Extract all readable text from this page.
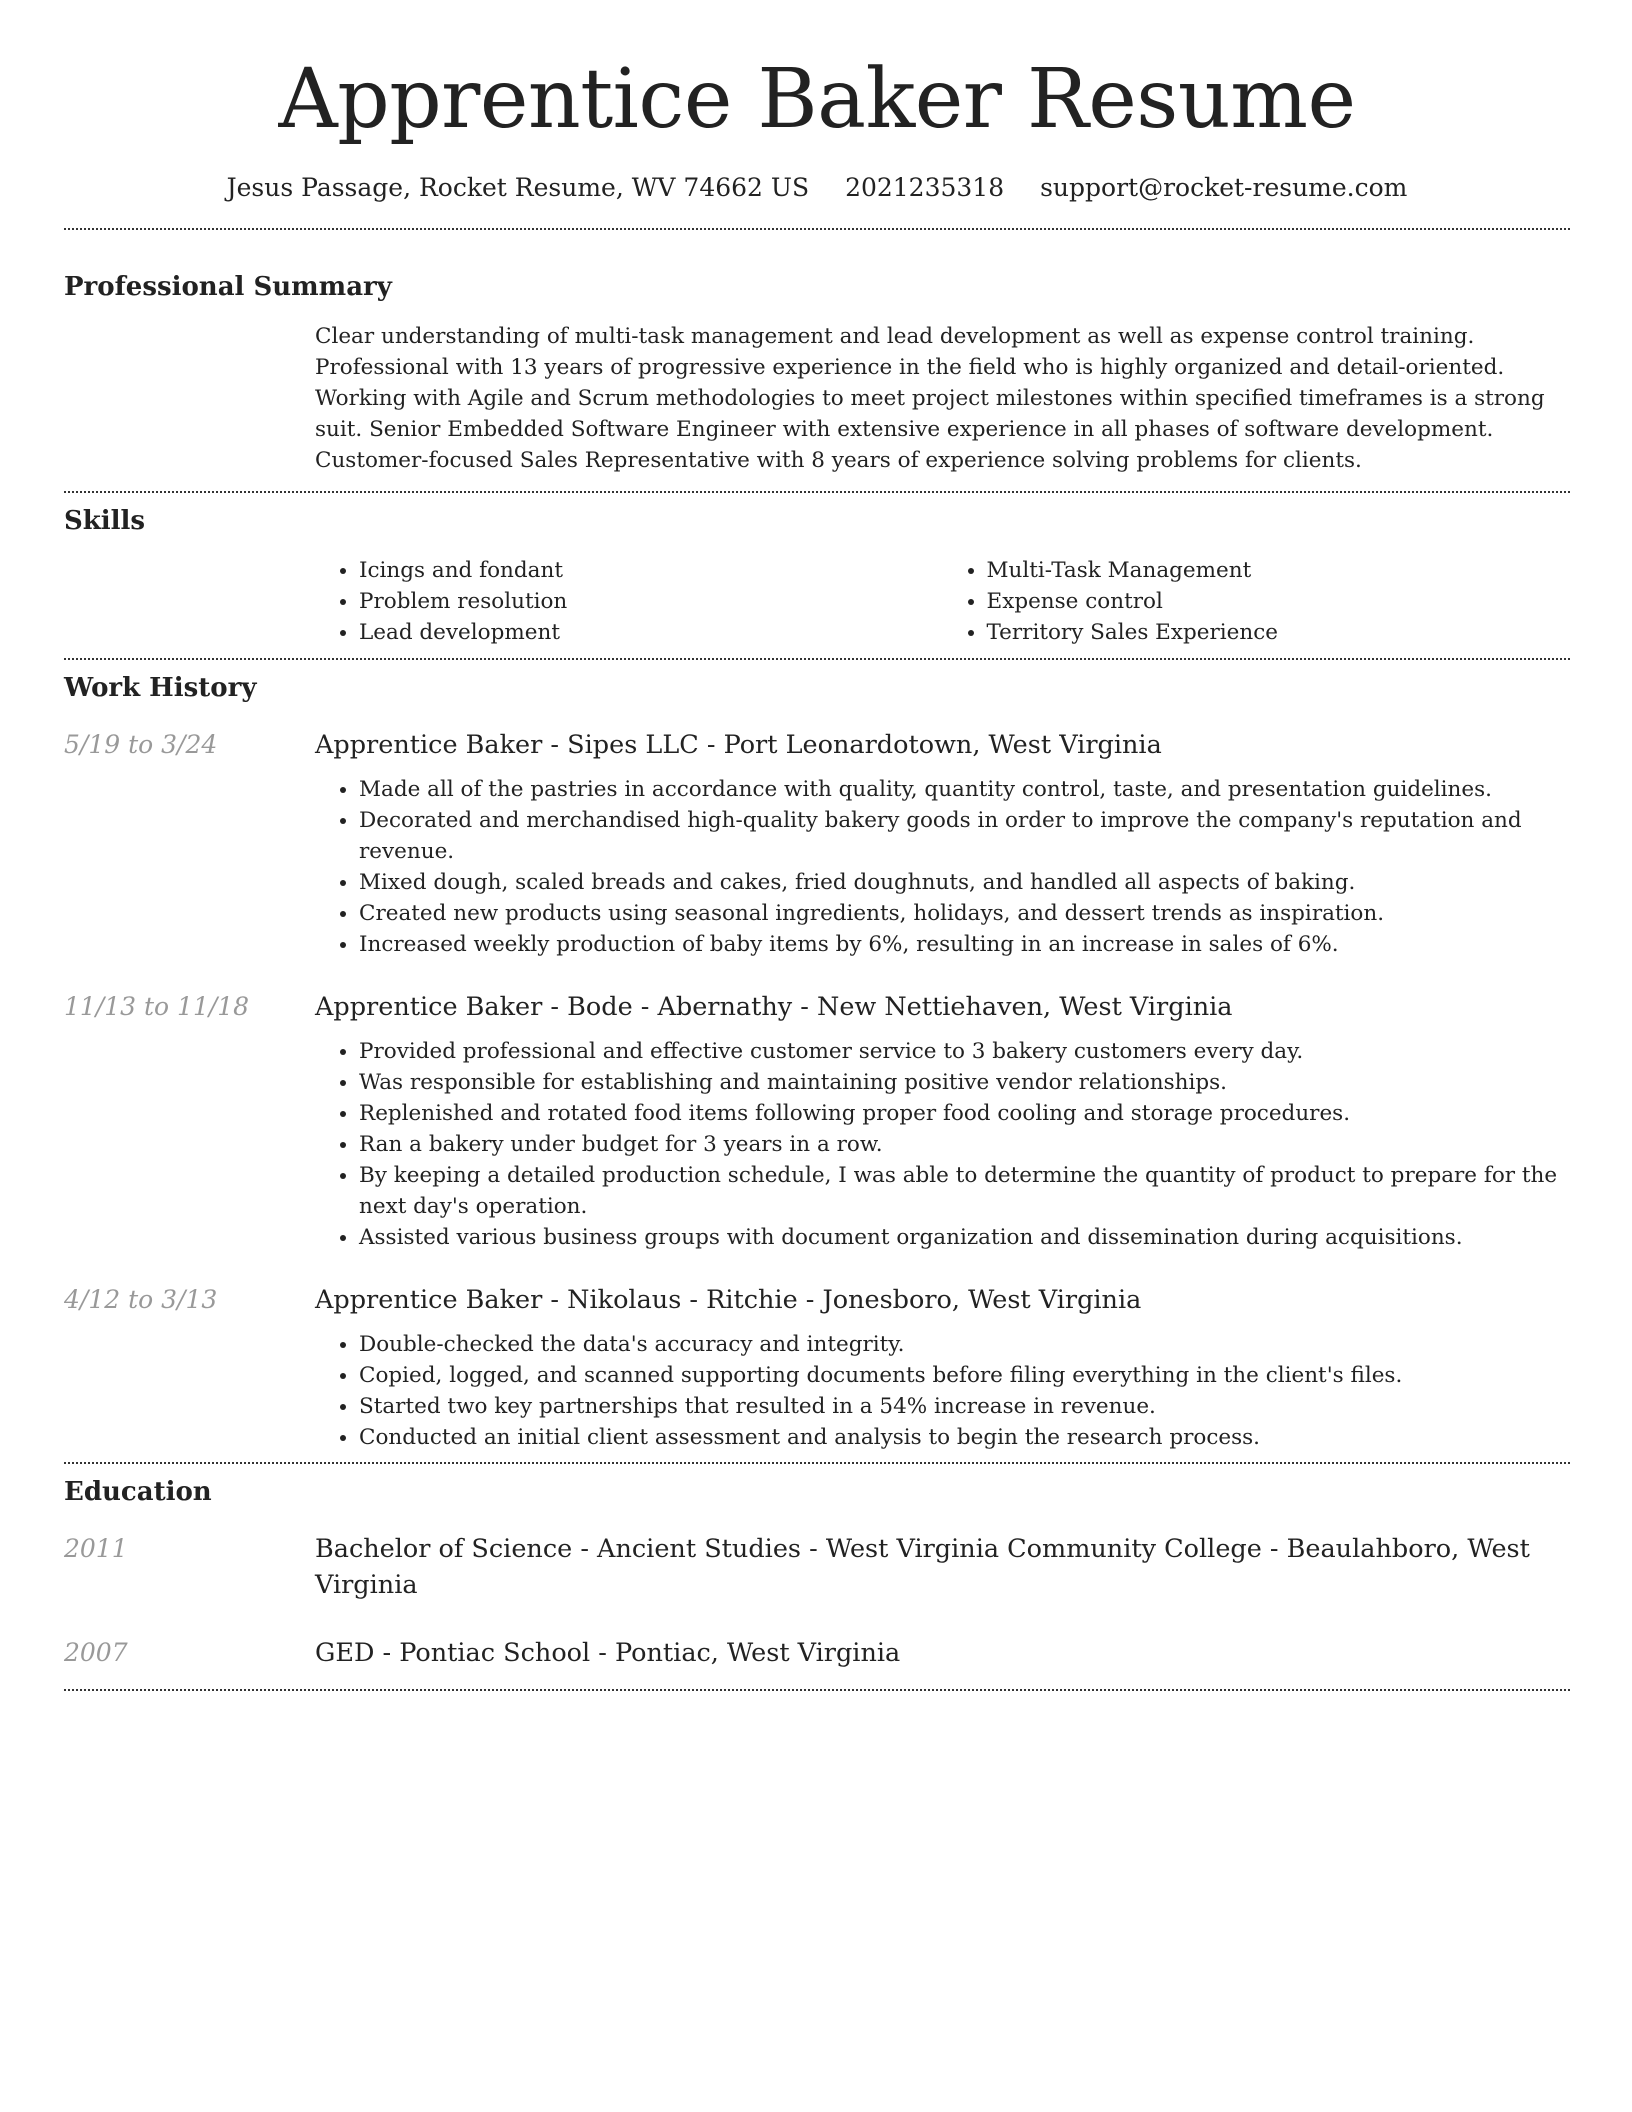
Apprentice Baker Resume
Jesus Passage, Rocket Resume, WV 74662 US 2021235318 support@rocket-resume.com
Professional Summary
Clear understanding of multi-task management and lead development as well as expense control training. Professional with 13 years of progressive experience in the field who is highly organized and detail-oriented. Working with Agile and Scrum methodologies to meet project milestones within specified timeframes is a strong suit. Senior Embedded Software Engineer with extensive experience in all phases of software development. Customer-focused Sales Representative with 8 years of experience solving problems for clients.
Skills
• Icings and fondant
• Problem resolution
• Lead development
• Multi-Task Management
• Expense control
• Territory Sales Experience
Work History
5/19 to 3/24	Apprentice Baker - Sipes LLC - Port Leonardotown, West Virginia
• Made all of the pastries in accordance with quality, quantity control, taste, and presentation guidelines.
• Decorated and merchandised high-quality bakery goods in order to improve the company's reputation and revenue.
• Mixed dough, scaled breads and cakes, fried doughnuts, and handled all aspects of baking.
• Created new products using seasonal ingredients, holidays, and dessert trends as inspiration.
• Increased weekly production of baby items by 6%, resulting in an increase in sales of 6%.
11/13 to 11/18	Apprentice Baker - Bode - Abernathy - New Nettiehaven, West Virginia
• Provided professional and effective customer service to 3 bakery customers every day.
• Was responsible for establishing and maintaining positive vendor relationships.
• Replenished and rotated food items following proper food cooling and storage procedures.
• Ran a bakery under budget for 3 years in a row.
• By keeping a detailed production schedule, I was able to determine the quantity of product to prepare for the next day's operation.
• Assisted various business groups with document organization and dissemination during acquisitions.
4/12 to 3/13	Apprentice Baker - Nikolaus - Ritchie - Jonesboro, West Virginia
• Double-checked the data's accuracy and integrity.
• Copied, logged, and scanned supporting documents before filing everything in the client's files.
• Started two key partnerships that resulted in a 54% increase in revenue.
• Conducted an initial client assessment and analysis to begin the research process.
Education
2011	Bachelor of Science - Ancient Studies - West Virginia Community College - Beaulahboro, West Virginia
2007	GED - Pontiac School - Pontiac, West Virginia
